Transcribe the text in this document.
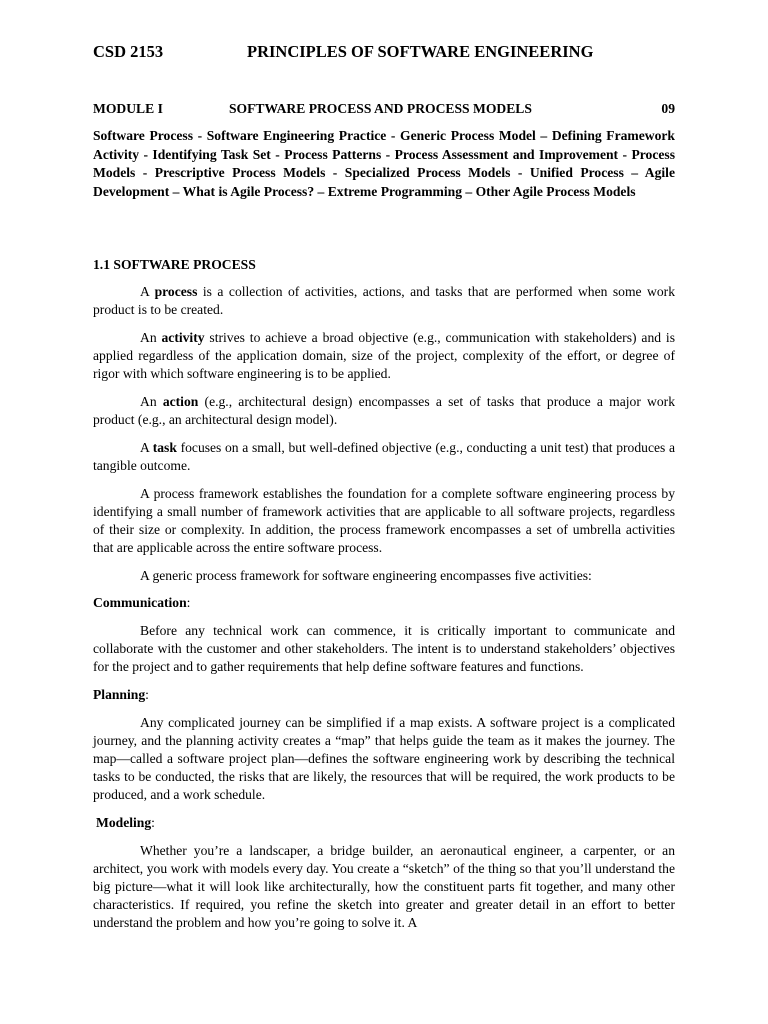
CSD 2153	PRINCIPLES OF SOFTWARE ENGINEERING
MODULE I	SOFTWARE PROCESS AND PROCESS MODELS	09

Software Process - Software Engineering Practice - Generic Process Model – Defining Framework Activity - Identifying Task Set - Process Patterns - Process Assessment and Improvement - Process Models - Prescriptive Process Models - Specialized Process Models - Unified Process – Agile Development – What is Agile Process? – Extreme Programming – Other Agile Process Models

1.1 SOFTWARE PROCESS

A process is a collection of activities, actions, and tasks that are performed when some work product is to be created.

An activity strives to achieve a broad objective (e.g., communication with stakeholders) and is applied regardless of the application domain, size of the project, complexity of the effort, or degree of rigor with which software engineering is to be applied.

An action (e.g., architectural design) encompasses a set of tasks that produce a major work product (e.g., an architectural design model).

A task focuses on a small, but well-defined objective (e.g., conducting a unit test) that produces a tangible outcome.

A process framework establishes the foundation for a complete software engineering process by identifying a small number of framework activities that are applicable to all software projects, regardless of their size or complexity. In addition, the process framework encompasses a set of umbrella activities that are applicable across the entire software process.

A generic process framework for software engineering encompasses five activities:

Communication:

Before any technical work can commence, it is critically important to communicate and collaborate with the customer and other stakeholders. The intent is to understand stakeholders’ objectives for the project and to gather requirements that help define software features and functions.

Planning:

Any complicated journey can be simplified if a map exists. A software project is a complicated journey, and the planning activity creates a “map” that helps guide the team as it makes the journey. The map—called a software project plan—defines the software engineering work by describing the technical tasks to be conducted, the risks that are likely, the resources that will be required, the work products to be produced, and a work schedule.

Modeling:

Whether you’re a landscaper, a bridge builder, an aeronautical engineer, a carpenter, or an architect, you work with models every day. You create a “sketch” of the thing so that you’ll understand the big picture—what it will look like architecturally, how the constituent parts fit together, and many other characteristics. If required, you refine the sketch into greater and greater detail in an effort to better understand the problem and how you’re going to solve it. A
